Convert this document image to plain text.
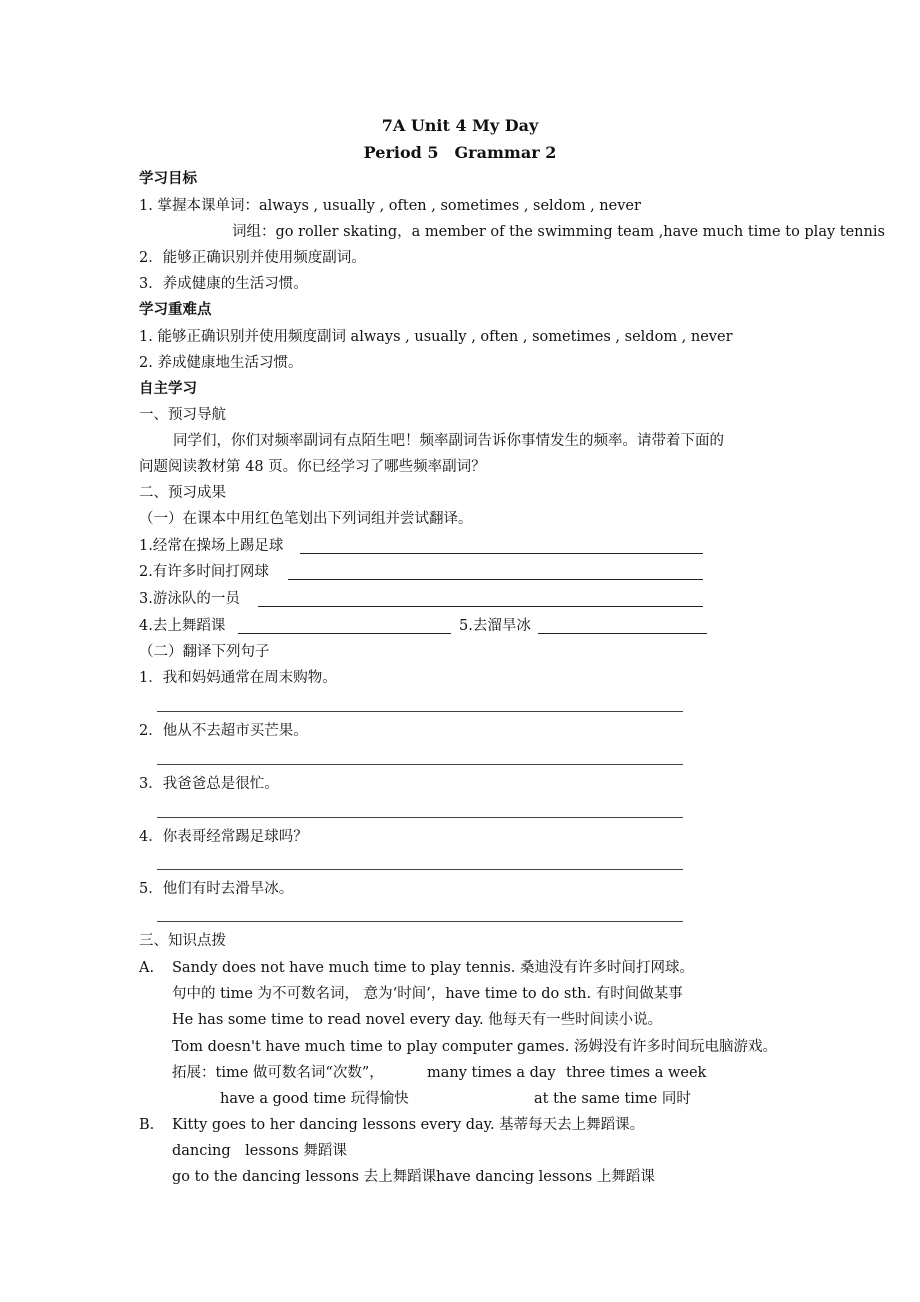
7A Unit 4 My Day
Period 5　Grammar 2
学习目标
1. 掌握本课单词：always , usually , often , sometimes , seldom , never
词组：go roller skating，a member of the swimming team ,have much time to play tennis
2．能够正确识别并使用频度副词。
3．养成健康的生活习惯。
学习重难点
1. 能够正确识别并使用频度副词 always , usually , often , sometimes , seldom , never
2. 养成健康地生活习惯。
自主学习
一、预习导航
同学们，你们对频率副词有点陌生吧！频率副词告诉你事情发生的频率。请带着下面的
问题阅读教材第 48 页。你已经学习了哪些频率副词？
二、预习成果
（一）在课本中用红色笔划出下列词组并尝试翻译。
1.经常在操场上踢足球
2.有许多时间打网球
3.游泳队的一员
4.去上舞蹈课	5.去溜旱冰
（二）翻译下列句子
1．我和妈妈通常在周末购物。
2．他从不去超市买芒果。
3．我爸爸总是很忙。
4．你表哥经常踢足球吗？
5．他们有时去滑旱冰。
三、知识点拨
A. Sandy does not have much time to play tennis. 桑迪没有许多时间打网球。
句中的 time 为不可数名词， 意为‘时间’，have time to do sth. 有时间做某事
He has some time to read novel every day. 他每天有一些时间读小说。
Tom doesn't have much time to play computer games. 汤姆没有许多时间玩电脑游戏。
拓展：time 做可数名词“次数”，	many times a day three times a week
have a good time 玩得愉快	at the same time 同时
B. Kitty goes to her dancing lessons every day. 基蒂每天去上舞蹈课。
dancing　lessons 舞蹈课
go to the dancing lessons 去上舞蹈课 have dancing lessons 上舞蹈课
